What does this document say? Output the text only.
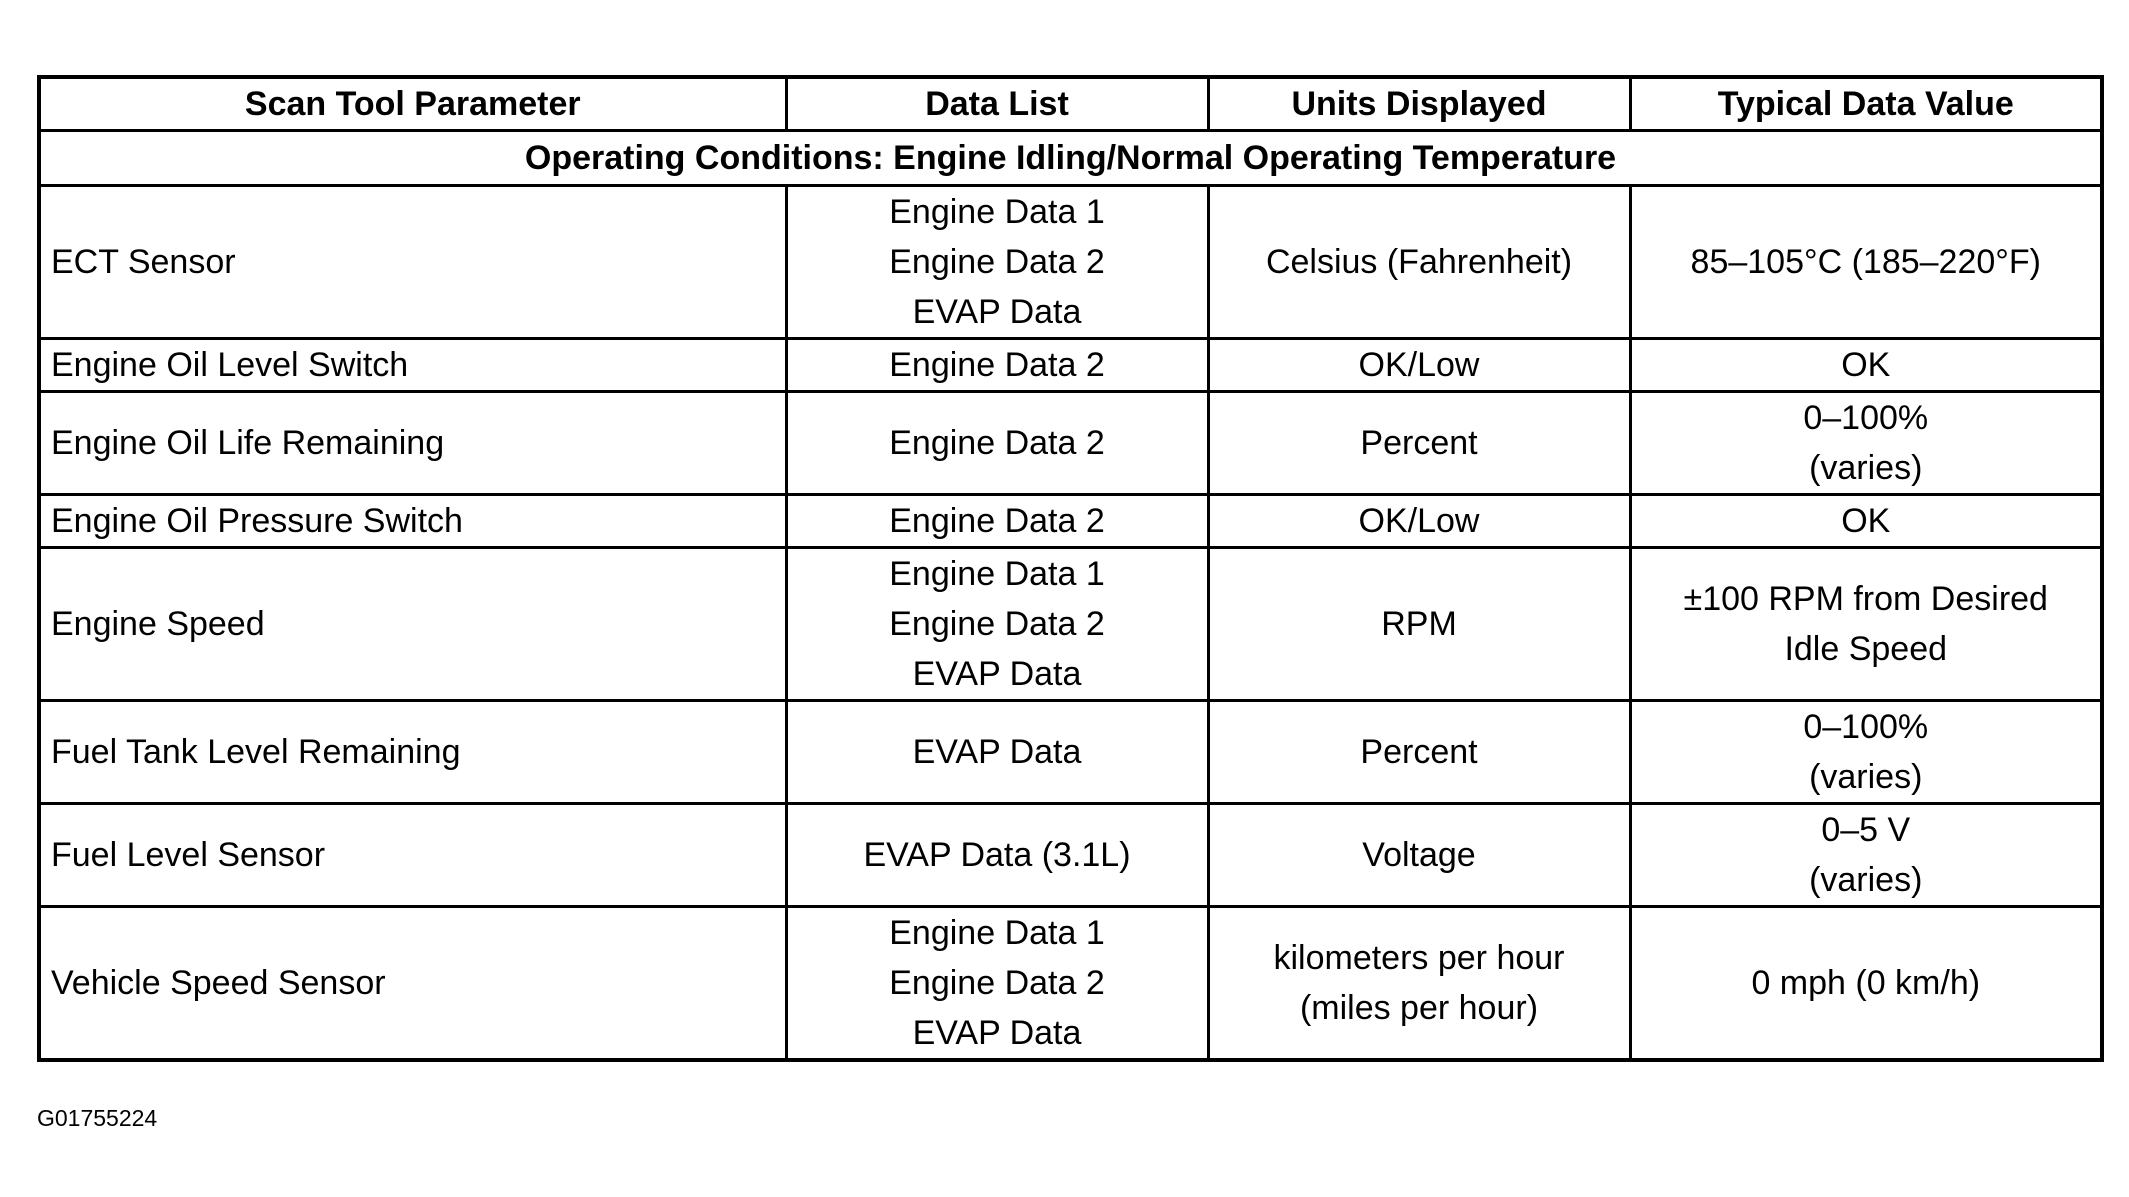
Scan Tool Parameter	Data List	Units Displayed	Typical Data Value
Operating Conditions: Engine Idling/Normal Operating Temperature			
ECT Sensor	Engine Data 1
Engine Data 2
EVAP Data	Celsius (Fahrenheit)	85–105°C (185–220°F)

Engine Oil Level Switch	Engine Data 2	OK/Low	OK

Engine Oil Life Remaining	Engine Data 2	Percent	0–100%
(varies)

Engine Oil Pressure Switch	Engine Data 2	OK/Low	OK

Engine Speed	Engine Data 1
Engine Data 2
EVAP Data	RPM	±100 RPM from Desired
Idle Speed

Fuel Tank Level Remaining	EVAP Data	Percent	0–100%
(varies)

Fuel Level Sensor	EVAP Data (3.1L)	Voltage	0–5 V
(varies)

Vehicle Speed Sensor	Engine Data 1
Engine Data 2
EVAP Data	kilometers per hour
(miles per hour)	0 mph (0 km/h)
G01755224
